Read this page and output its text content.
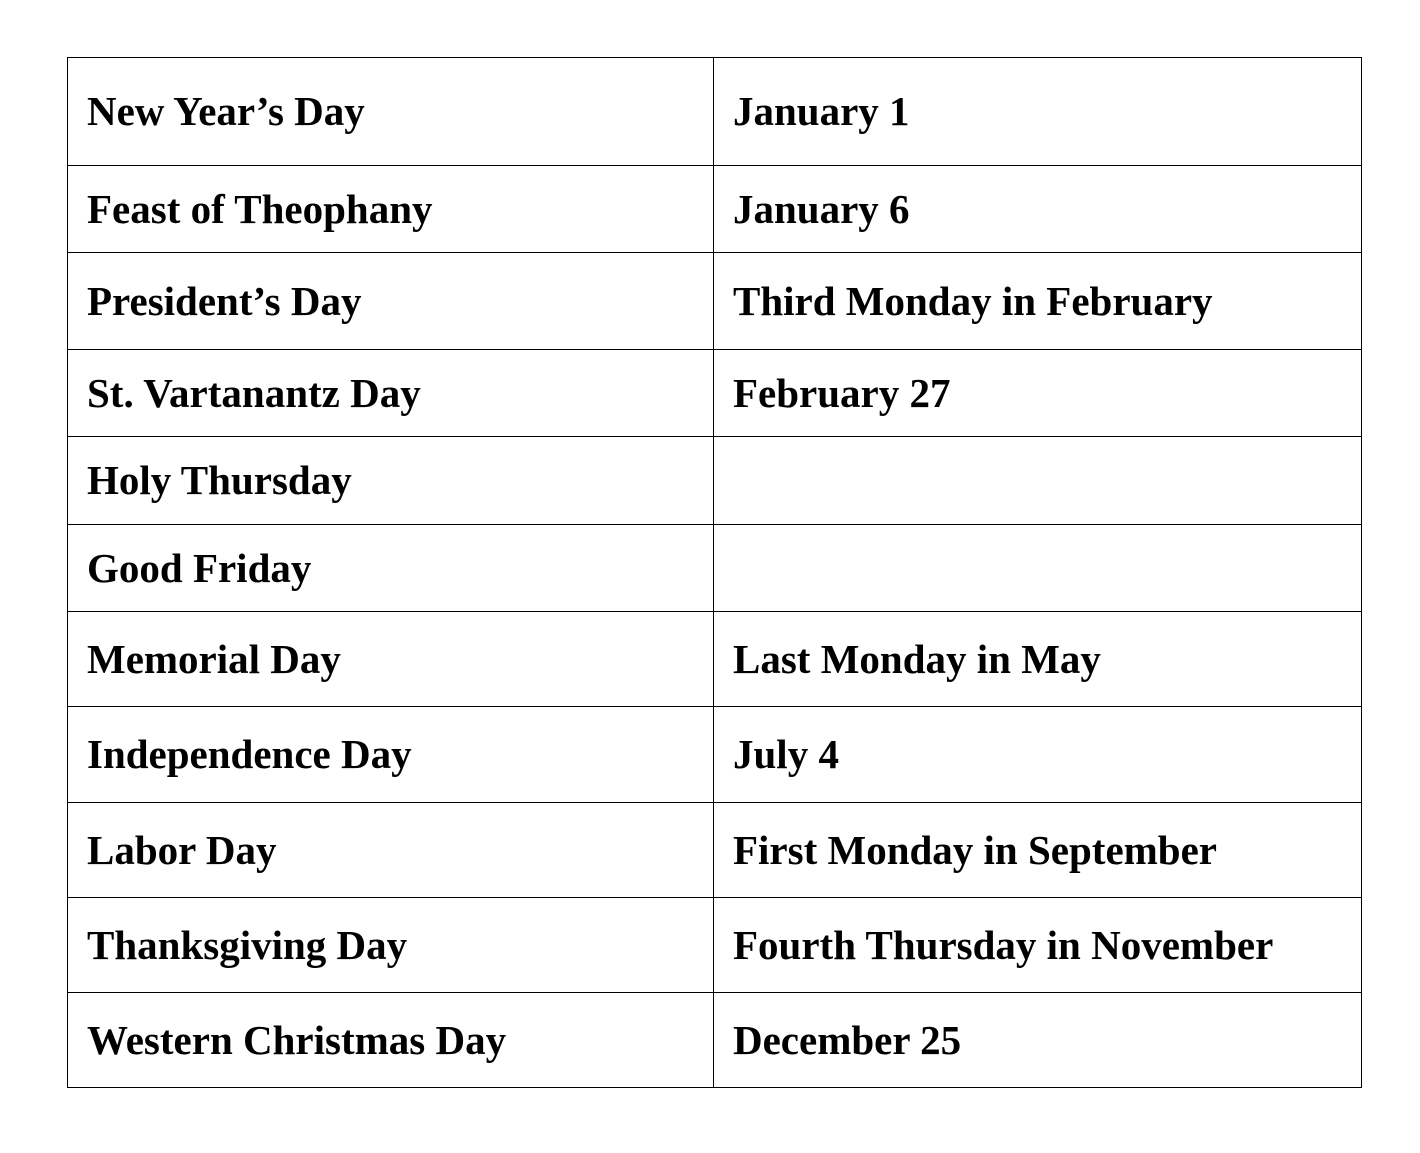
New Year’s Day	January 1
Feast of Theophany	January 6
President’s Day	Third Monday in February
St. Vartanantz Day	February 27
Holy Thursday	
Good Friday	
Memorial Day	Last Monday in May
Independence Day	July 4
Labor Day	First Monday in September
Thanksgiving Day	Fourth Thursday in November
Western Christmas Day	December 25
